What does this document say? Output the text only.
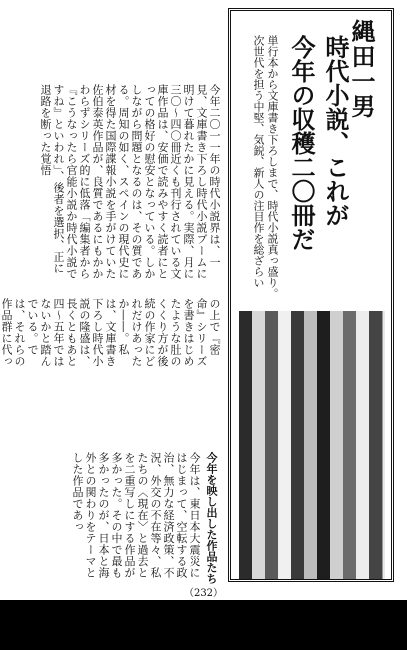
縄田一男
時代小説、これが
今年の収穫二〇冊だ
単行本から文庫書き下ろしまで、時代小説真っ盛り。
次世代を担う中堅、気鋭、新人の注目作を総ざらい
今年二〇一一年の時代小説界は、一見、文庫書き下ろし時代小説ブームに明けて暮れたかに見える。実際、月に三〇〜四〇冊近くも刊行されている文庫作品は、安価で読みやすく読者にとっての格好の慰安となっている。しかしながら問題となるのは、その質である。周知の如く、スペインの現代史に材を得た国際諜報小説を手がけていた佐伯泰英作品が、良質であるにもかかわらずシリーズ的に低落「編集者から『こうなったら官能小説か時代小説ですね』といわれ」、後者を選択、正に退路を断った覚悟
の上で『密命』シリーズを書きはじめたような肚のくくり方が後続の作家にどれだけあったか――。私は、文庫書き下ろし時代小説の隆盛は、長くともあと四〜五年ではないかと踏んでいる。では、それらの作品群に代っ
今年を映し出した作品たち
今年は、東日本大震災にはじまって、空転する政治、無力な経済政策、不況、外交の不在等々、私たちの〈現在〉と過去とを二重写しにする作品が多かった。その中で最も多かったのが、日本と海外との関わりをテーマとした作品であっ
（232）
